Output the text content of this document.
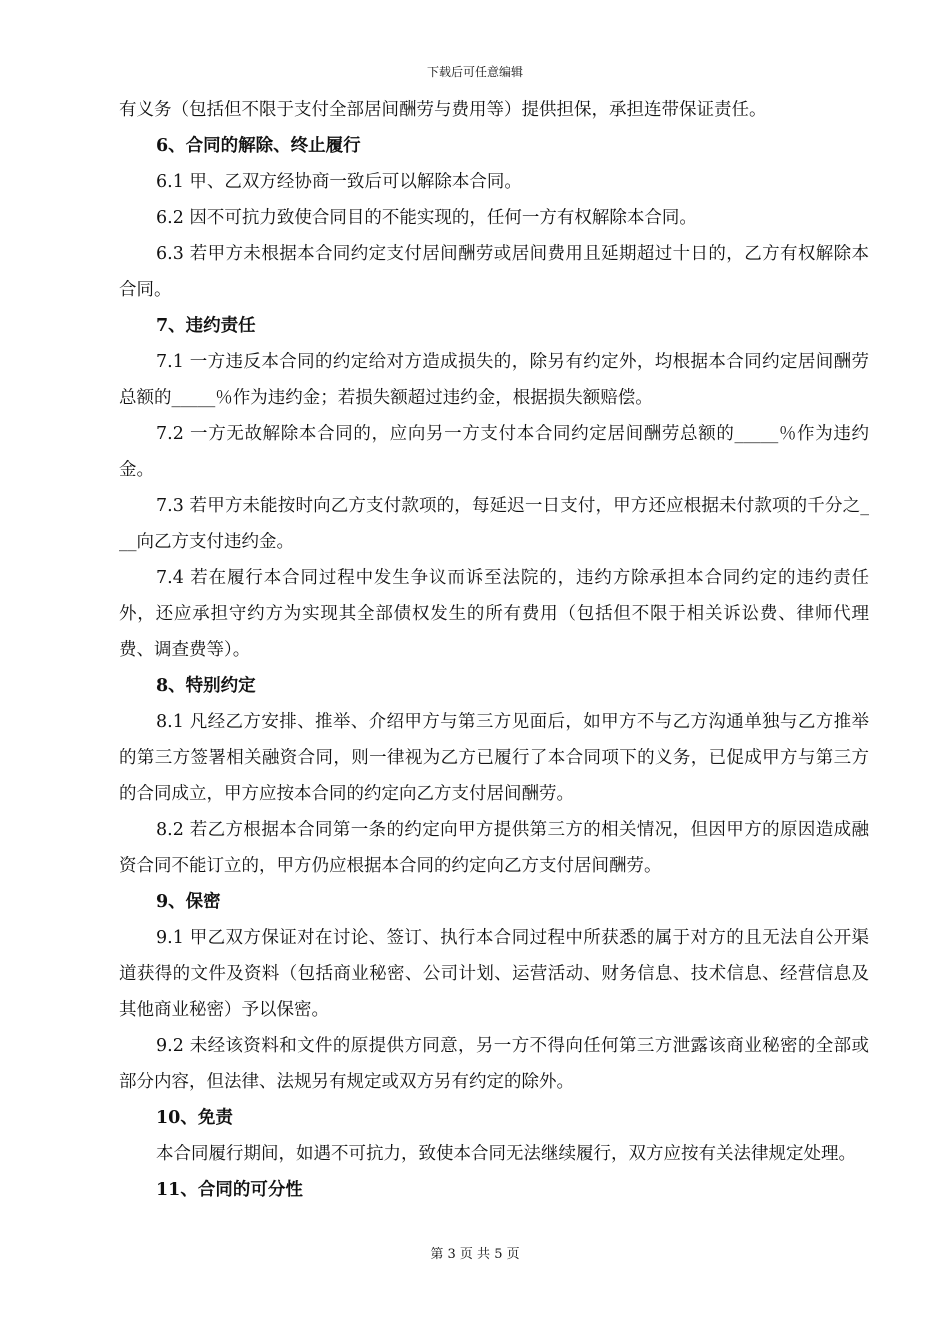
下载后可任意编辑

有义务（包括但不限于支付全部居间酬劳与费用等）提供担保，承担连带保证责任。

6、合同的解除、终止履行

6.1 甲、乙双方经协商一致后可以解除本合同。

6.2 因不可抗力致使合同目的不能实现的，任何一方有权解除本合同。

6.3 若甲方未根据本合同约定支付居间酬劳或居间费用且延期超过十日的，乙方有权解除本合同。

7、违约责任

7.1 一方违反本合同的约定给对方造成损失的，除另有约定外，均根据本合同约定居间酬劳总额的_____％作为违约金；若损失额超过违约金，根据损失额赔偿。

7.2 一方无故解除本合同的，应向另一方支付本合同约定居间酬劳总额的_____％作为违约金。

7.3 若甲方未能按时向乙方支付款项的，每延迟一日支付，甲方还应根据未付款项的千分之___向乙方支付违约金。

7.4 若在履行本合同过程中发生争议而诉至法院的，违约方除承担本合同约定的违约责任外，还应承担守约方为实现其全部债权发生的所有费用（包括但不限于相关诉讼费、律师代理费、调查费等）。

8、特别约定

8.1 凡经乙方安排、推举、介绍甲方与第三方见面后，如甲方不与乙方沟通单独与乙方推举的第三方签署相关融资合同，则一律视为乙方已履行了本合同项下的义务，已促成甲方与第三方的合同成立，甲方应按本合同的约定向乙方支付居间酬劳。

8.2 若乙方根据本合同第一条的约定向甲方提供第三方的相关情况，但因甲方的原因造成融资合同不能订立的，甲方仍应根据本合同的约定向乙方支付居间酬劳。

9、保密

9.1 甲乙双方保证对在讨论、签订、执行本合同过程中所获悉的属于对方的且无法自公开渠道获得的文件及资料（包括商业秘密、公司计划、运营活动、财务信息、技术信息、经营信息及其他商业秘密）予以保密。

9.2 未经该资料和文件的原提供方同意，另一方不得向任何第三方泄露该商业秘密的全部或部分内容，但法律、法规另有规定或双方另有约定的除外。

10、免责

本合同履行期间，如遇不可抗力，致使本合同无法继续履行，双方应按有关法律规定处理。

11、合同的可分性

第 3 页 共 5 页
